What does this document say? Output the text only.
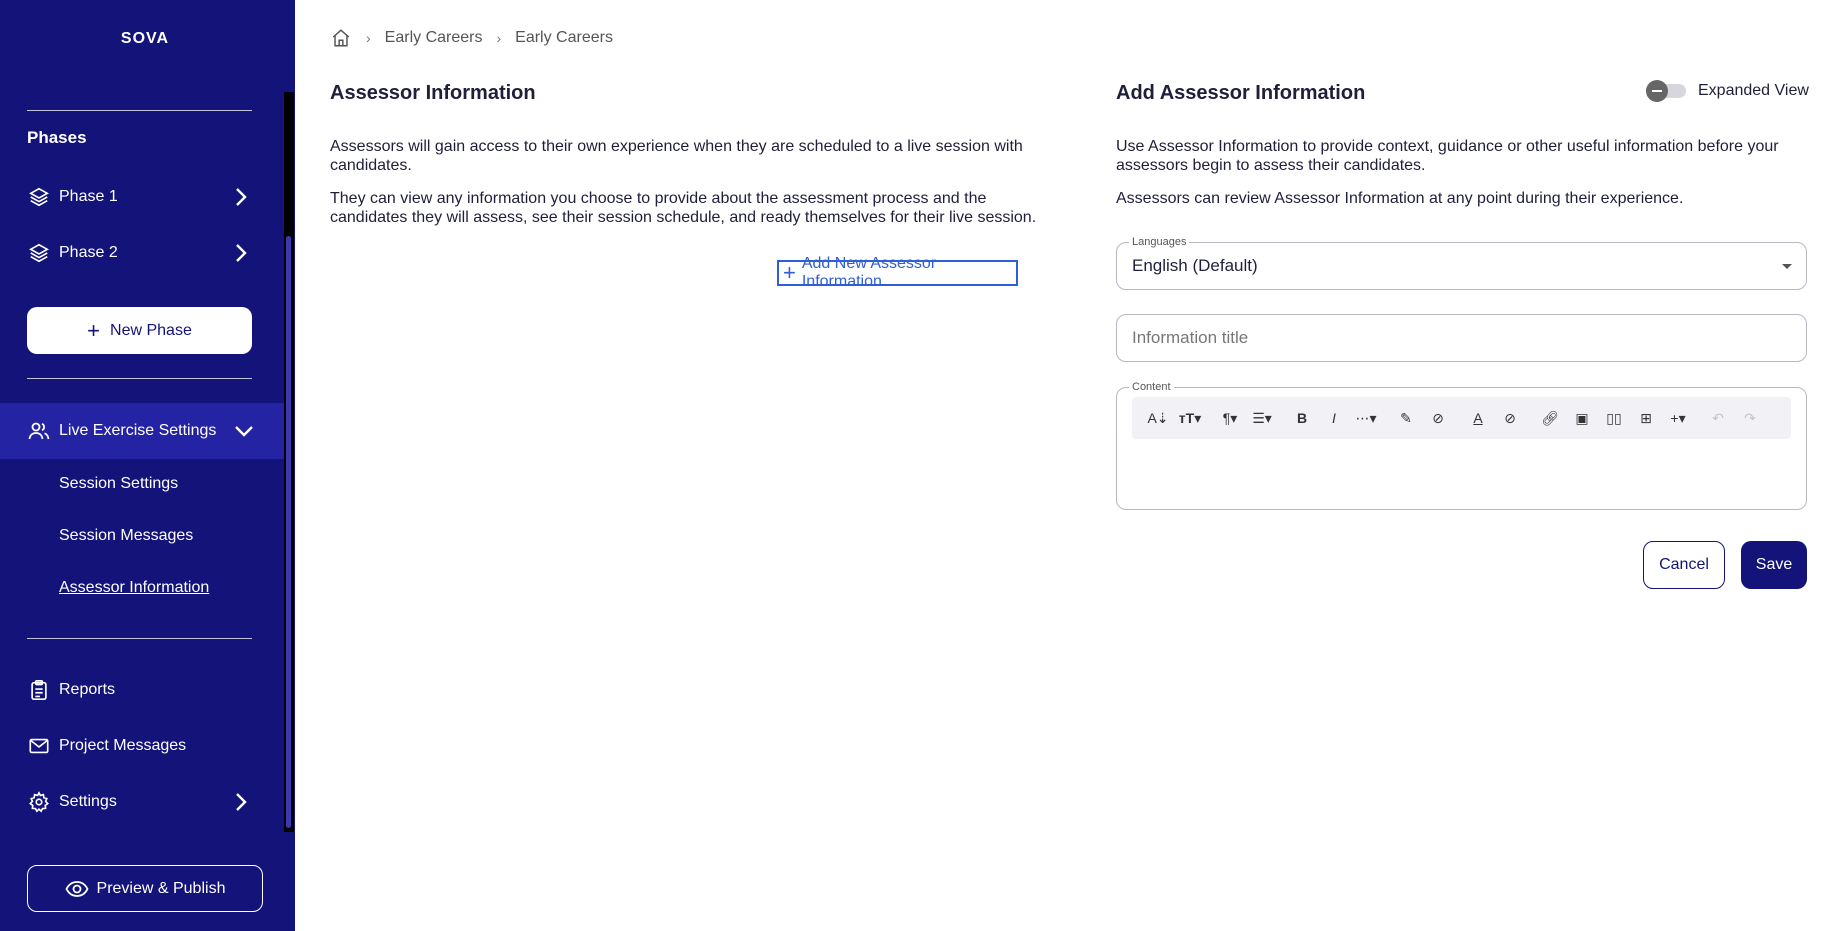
SOVA
Phases
Phase 1
Phase 2
+ New Phase
Live Exercise Settings
Session Settings
Session Messages
Assessor Information
Reports
Project Messages
Settings
Preview & Publish
› Early Careers › Early Careers
Assessor Information
Assessors will gain access to their own experience when they are scheduled to a live session with candidates.
They can view any information you choose to provide about the assessment process and the candidates they will assess, see their session schedule, and ready themselves for their live session.
+ Add New Assessor Information
Add Assessor Information	Expanded View
Use Assessor Information to provide context, guidance or other useful information before your assessors begin to assess their candidates.
Assessors can review Assessor Information at any point during their experience.
Languages
English (Default)
Information title
Content
A⇣ тT▾	¶▾	☰▾	B	I	⋯▾	✎	⊘	A	⊘	🔗︎	▣	▯▯	⊞	+▾	↶	↷
Cancel	Save
